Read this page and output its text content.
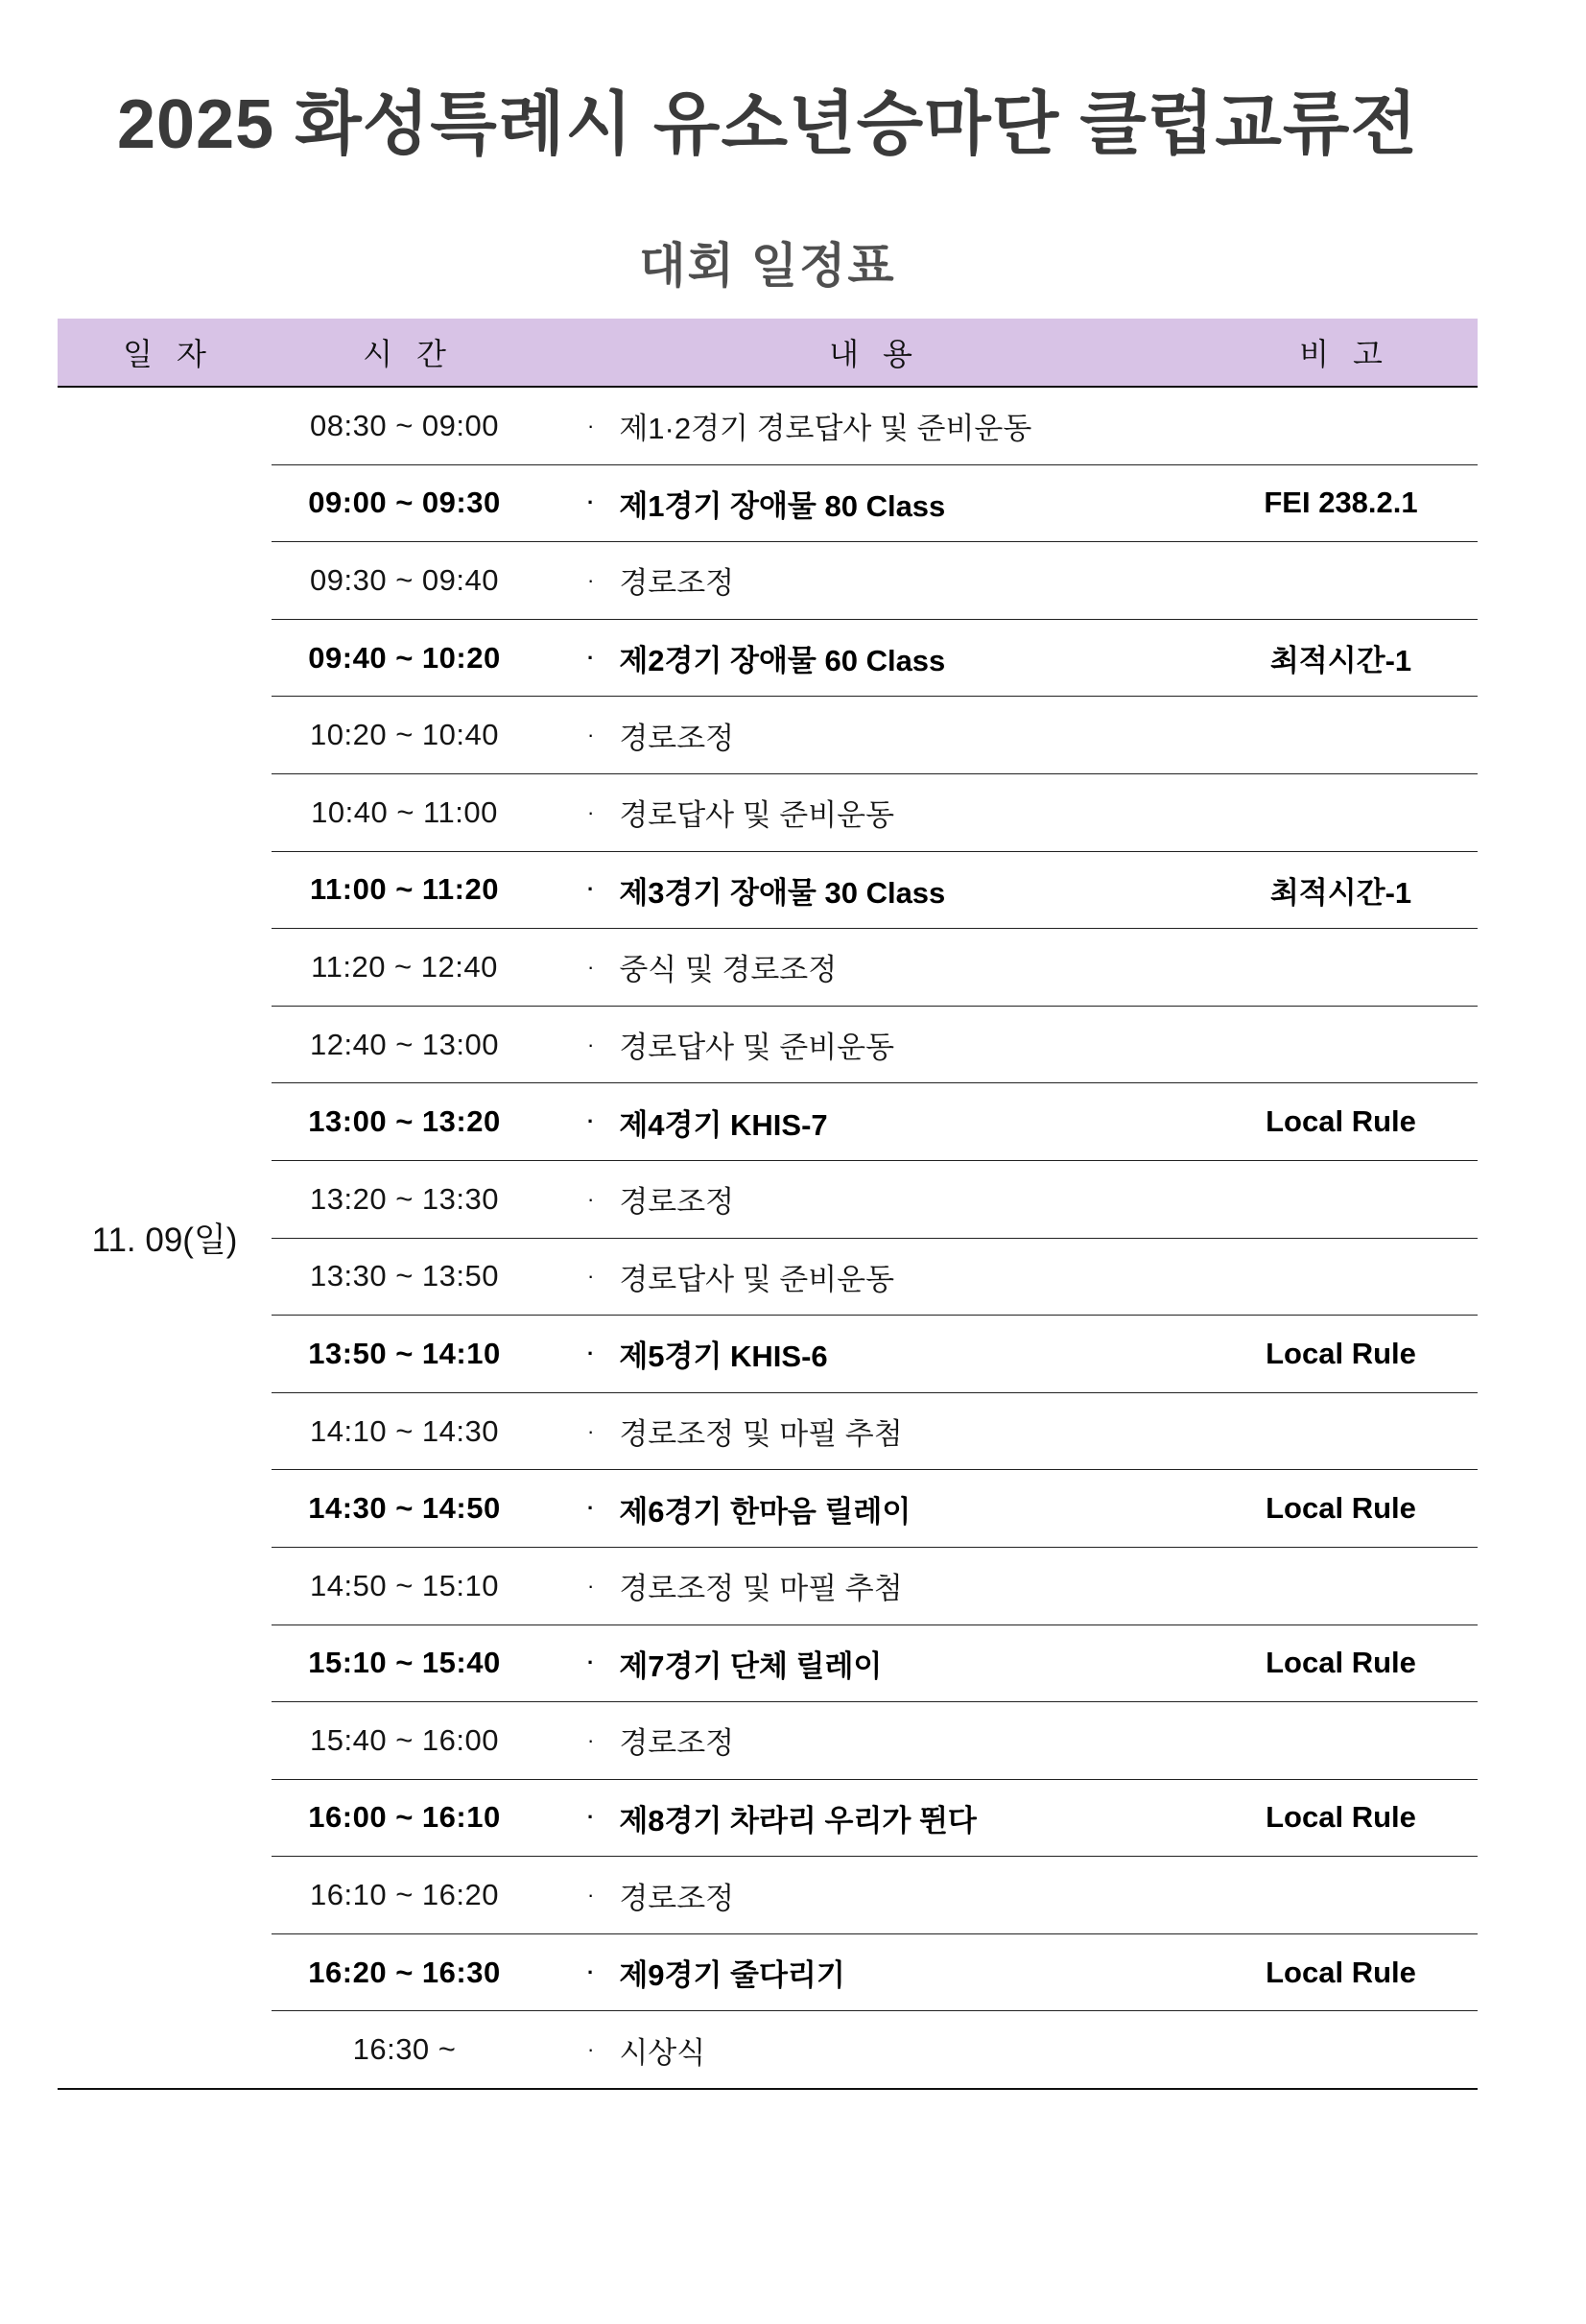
2025 화성특례시 유소년승마단 클럽교류전
대회 일정표
일 자	시 간	내 용	비 고
11. 09(일)
08:30 ~ 09:00	· 제1·2경기 경로답사 및 준비운동
09:00 ~ 09:30	· 제1경기 장애물 80 Class	FEI 238.2.1
09:30 ~ 09:40	· 경로조정
09:40 ~ 10:20	· 제2경기 장애물 60 Class	최적시간-1
10:20 ~ 10:40	· 경로조정
10:40 ~ 11:00	· 경로답사 및 준비운동
11:00 ~ 11:20	· 제3경기 장애물 30 Class	최적시간-1
11:20 ~ 12:40	· 중식 및 경로조정
12:40 ~ 13:00	· 경로답사 및 준비운동
13:00 ~ 13:20	· 제4경기 KHIS-7	Local Rule
13:20 ~ 13:30	· 경로조정
13:30 ~ 13:50	· 경로답사 및 준비운동
13:50 ~ 14:10	· 제5경기 KHIS-6	Local Rule
14:10 ~ 14:30	· 경로조정 및 마필 추첨
14:30 ~ 14:50	· 제6경기 한마음 릴레이	Local Rule
14:50 ~ 15:10	· 경로조정 및 마필 추첨
15:10 ~ 15:40	· 제7경기 단체 릴레이	Local Rule
15:40 ~ 16:00	· 경로조정
16:00 ~ 16:10	· 제8경기 차라리 우리가 뛴다	Local Rule
16:10 ~ 16:20	· 경로조정
16:20 ~ 16:30	· 제9경기 줄다리기	Local Rule
16:30 ~	· 시상식
